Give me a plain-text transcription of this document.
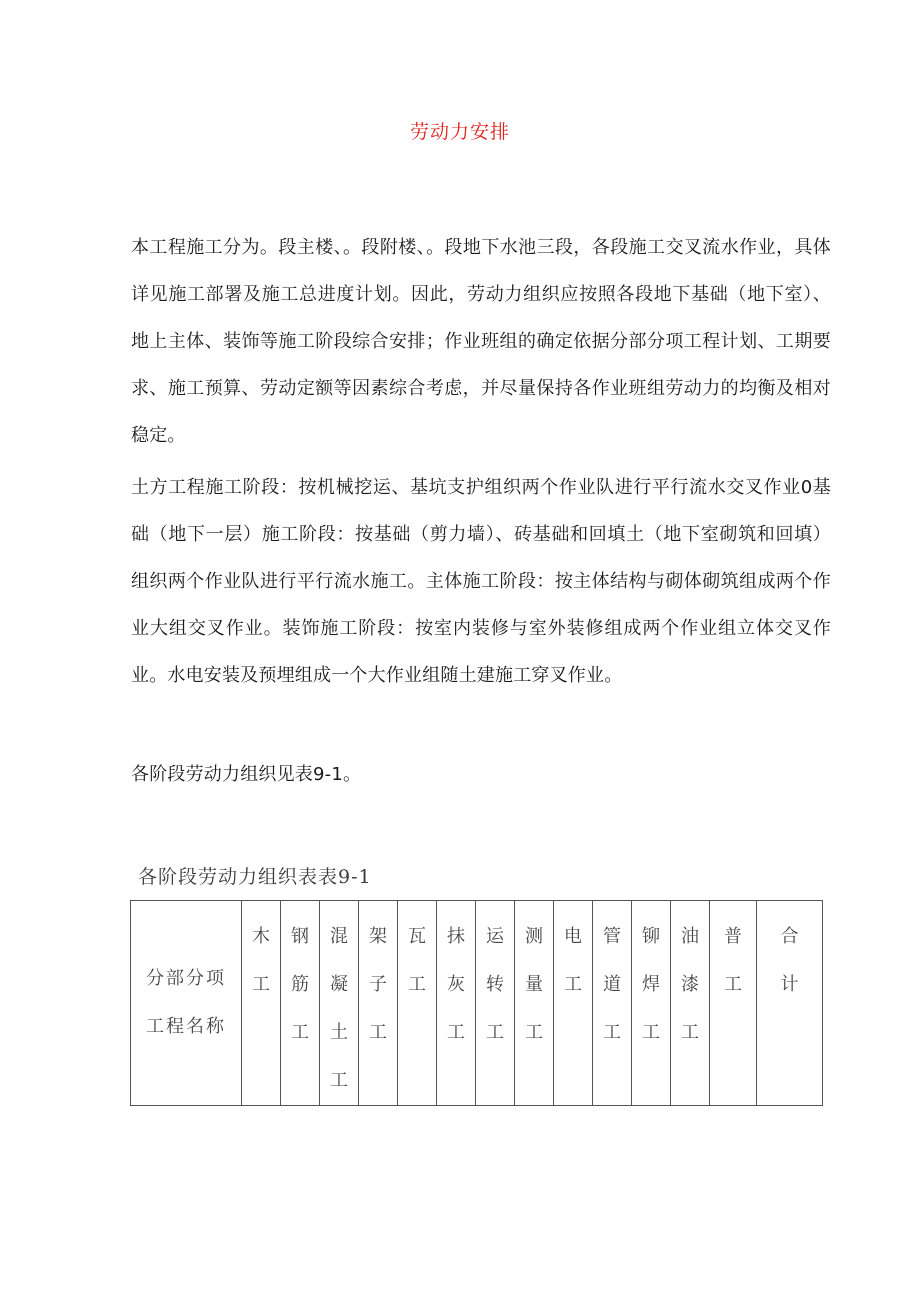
劳动力安排

本工程施工分为。段主楼、。段附楼、。段地下水池三段，各段施工交叉流水作业，具体详见施工部署及施工总进度计划。因此，劳动力组织应按照各段地下基础（地下室）、地上主体、装饰等施工阶段综合安排；作业班组的确定依据分部分项工程计划、工期要求、施工预算、劳动定额等因素综合考虑，并尽量保持各作业班组劳动力的均衡及相对稳定。

土方工程施工阶段：按机械挖运、基坑支护组织两个作业队进行平行流水交叉作业0基础（地下一层）施工阶段：按基础（剪力墙）、砖基础和回填土（地下室砌筑和回填）组织两个作业队进行平行流水施工。主体施工阶段：按主体结构与砌体砌筑组成两个作业大组交叉作业。装饰施工阶段：按室内装修与室外装修组成两个作业组立体交叉作业。水电安装及预埋组成一个大作业组随土建施工穿叉作业。

各阶段劳动力组织见表9-1。

各阶段劳动力组织表表9-1
分部分项
工程名称
	木工	钢筋工	混凝土工	架子工	瓦工	抹灰工	运转工	测量工	电工	管道工	铆焊工	油漆工	普工	合计
